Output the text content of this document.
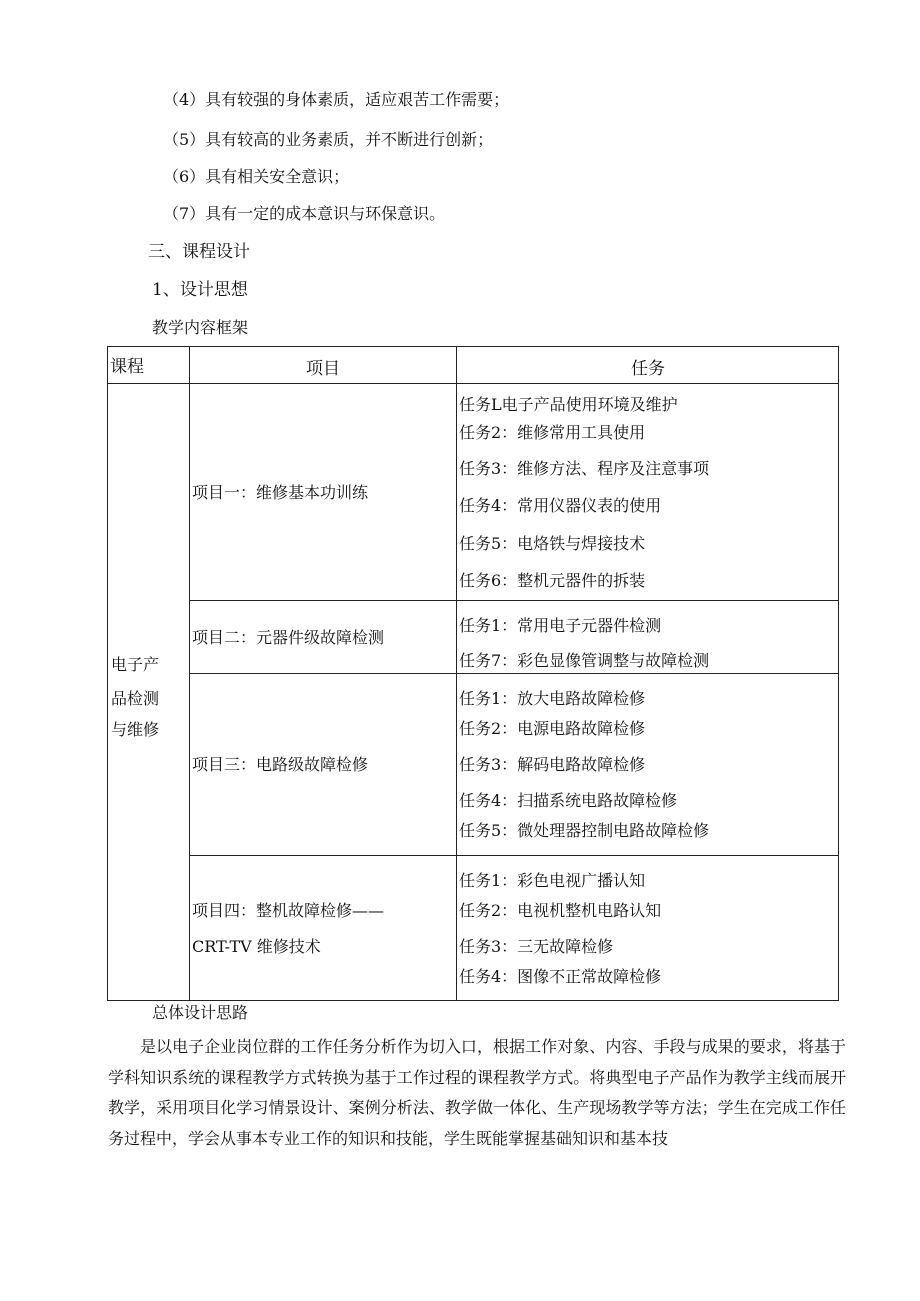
（4）具有较强的身体素质，适应艰苦工作需要；
（5）具有较高的业务素质，并不断进行创新；
（6）具有相关安全意识；
（7）具有一定的成本意识与环保意识。
三、课程设计
1、设计思想
教学内容框架
课程	项目	任务
电子产
品检测
与维修
项目一：维修基本功训练
任务L电子产品使用环境及维护
任务2：维修常用工具使用
任务3：维修方法、程序及注意事项
任务4：常用仪器仪表的使用
任务5：电烙铁与焊接技术
任务6：整机元器件的拆装
项目二：元器件级故障检测
任务1：常用电子元器件检测
任务7：彩色显像管调整与故障检测
项目三：电路级故障检修
任务1：放大电路故障检修
任务2：电源电路故障检修
任务3：解码电路故障检修
任务4：扫描系统电路故障检修
任务5：微处理器控制电路故障检修
项目四：整机故障检修——
CRT-TV 维修技术
任务1：彩色电视广播认知
任务2：电视机整机电路认知
任务3：三无故障检修
任务4：图像不正常故障检修
总体设计思路

是以电子企业岗位群的工作任务分析作为切入口，根据工作对象、内容、手段与成果的要求，将基于学科知识系统的课程教学方式转换为基于工作过程的课程教学方式。将典型电子产品作为教学主线而展开教学，采用项目化学习情景设计、案例分析法、教学做一体化、生产现场教学等方法；学生在完成工作任务过程中，学会从事本专业工作的知识和技能，学生既能掌握基础知识和基本技
